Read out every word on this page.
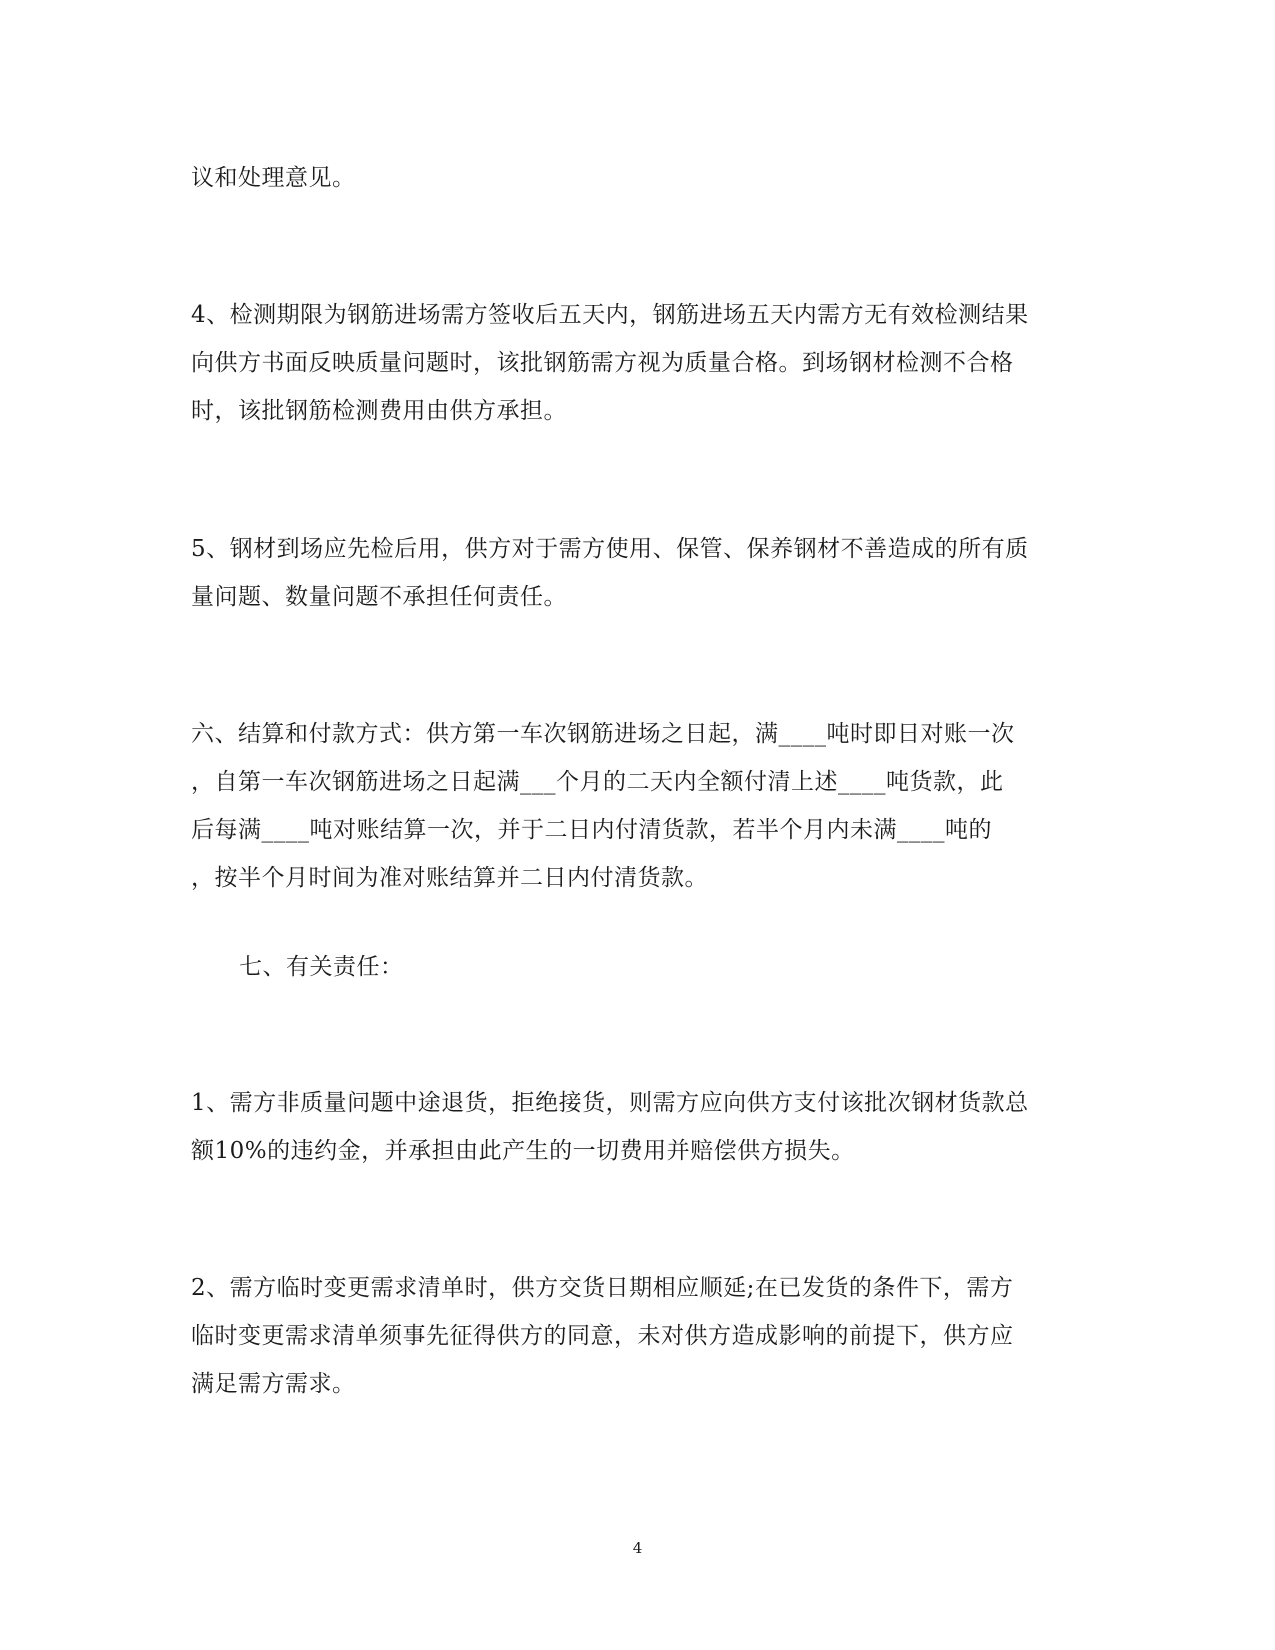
议和处理意见。
4、检测期限为钢筋进场需方签收后五天内，钢筋进场五天内需方无有效检测结果
向供方书面反映质量问题时，该批钢筋需方视为质量合格。到场钢材检测不合格
时，该批钢筋检测费用由供方承担。
5、钢材到场应先检后用，供方对于需方使用、保管、保养钢材不善造成的所有质
量问题、数量问题不承担任何责任。
六、结算和付款方式：供方第一车次钢筋进场之日起，满____吨时即日对账一次
，自第一车次钢筋进场之日起满___个月的二天内全额付清上述____吨货款，此
后每满____吨对账结算一次，并于二日内付清货款，若半个月内未满____吨的
，按半个月时间为准对账结算并二日内付清货款。
七、有关责任：
1、需方非质量问题中途退货，拒绝接货，则需方应向供方支付该批次钢材货款总
额10%的违约金，并承担由此产生的一切费用并赔偿供方损失。
2、需方临时变更需求清单时，供方交货日期相应顺延;在已发货的条件下，需方
临时变更需求清单须事先征得供方的同意，未对供方造成影响的前提下，供方应
满足需方需求。
4
